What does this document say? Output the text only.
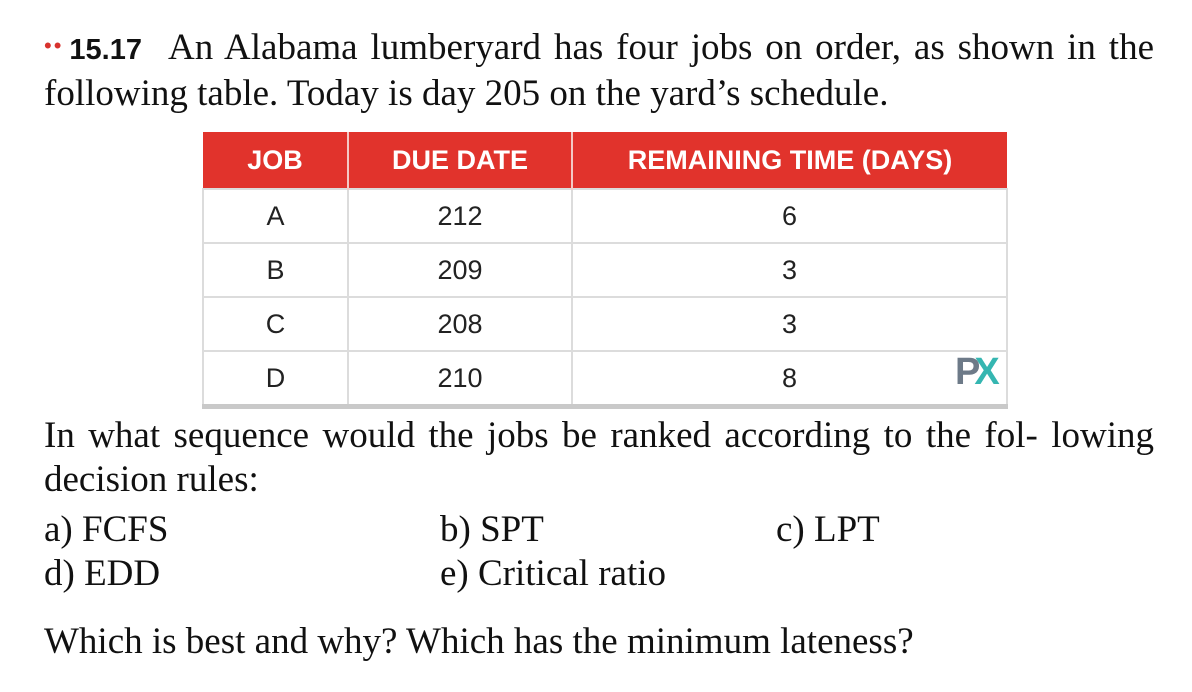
•• 15.17 An Alabama lumberyard has four jobs on order, as shown in the following table. Today is day 205 on the yard’s schedule.
JOB	DUE DATE	REMAINING TIME (DAYS)
A	212	6
B	209	3
C	208	3
D	210	8	PX
In what sequence would the jobs be ranked according to the fol- lowing decision rules:
a) FCFS	b) SPT	c) LPT
d) EDD	e) Critical ratio
Which is best and why? Which has the minimum lateness?
